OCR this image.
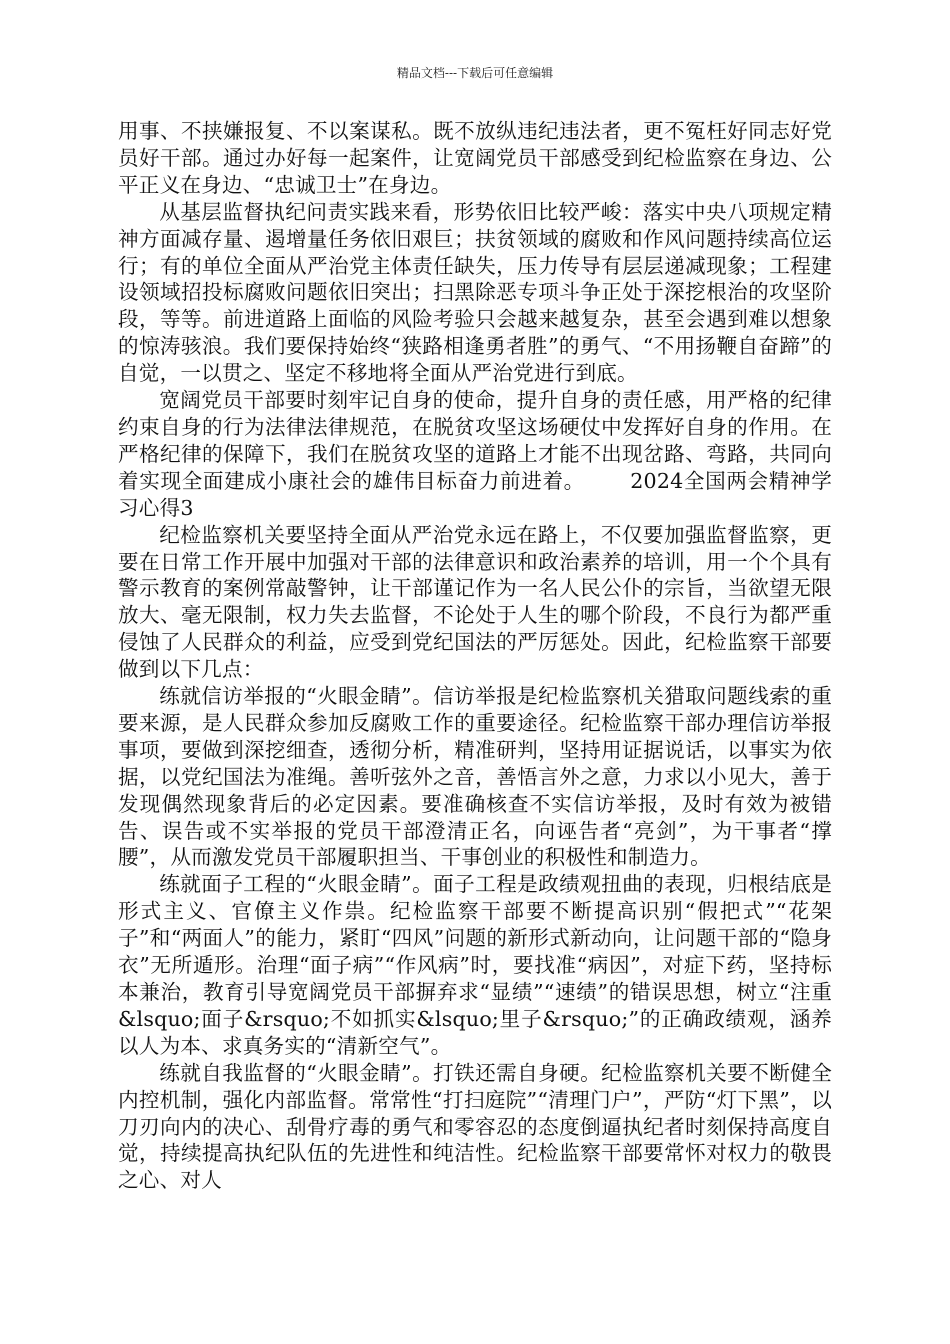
精品文档---下载后可任意编辑

用事、不挟嫌报复、不以案谋私。既不放纵违纪违法者，更不冤枉好同志好党员好干部。通过办好每一起案件，让宽阔党员干部感受到纪检监察在身边、公平正义在身边、“忠诚卫士”在身边。

从基层监督执纪问责实践来看，形势依旧比较严峻：落实中央八项规定精神方面减存量、遏增量任务依旧艰巨；扶贫领域的腐败和作风问题持续高位运行；有的单位全面从严治党主体责任缺失，压力传导有层层递减现象；工程建设领域招投标腐败问题依旧突出；扫黑除恶专项斗争正处于深挖根治的攻坚阶段，等等。前进道路上面临的风险考验只会越来越复杂，甚至会遇到难以想象的惊涛骇浪。我们要保持始终“狭路相逢勇者胜”的勇气、“不用扬鞭自奋蹄”的自觉，一以贯之、坚定不移地将全面从严治党进行到底。

宽阔党员干部要时刻牢记自身的使命，提升自身的责任感，用严格的纪律约束自身的行为法律法律规范，在脱贫攻坚这场硬仗中发挥好自身的作用。在严格纪律的保障下，我们在脱贫攻坚的道路上才能不出现岔路、弯路，共同向着实现全面建成小康社会的雄伟目标奋力前进着。 2024全国两会精神学习心得3

纪检监察机关要坚持全面从严治党永远在路上，不仅要加强监督监察，更要在日常工作开展中加强对干部的法律意识和政治素养的培训，用一个个具有警示教育的案例常敲警钟，让干部谨记作为一名人民公仆的宗旨，当欲望无限放大、毫无限制，权力失去监督，不论处于人生的哪个阶段，不良行为都严重侵蚀了人民群众的利益，应受到党纪国法的严厉惩处。因此，纪检监察干部要做到以下几点：

练就信访举报的“火眼金睛”。信访举报是纪检监察机关猎取问题线索的重要来源，是人民群众参加反腐败工作的重要途径。纪检监察干部办理信访举报事项，要做到深挖细查，透彻分析，精准研判，坚持用证据说话，以事实为依据，以党纪国法为准绳。善听弦外之音，善悟言外之意，力求以小见大，善于发现偶然现象背后的必定因素。要准确核查不实信访举报，及时有效为被错告、误告或不实举报的党员干部澄清正名，向诬告者“亮剑”，为干事者“撑腰”，从而激发党员干部履职担当、干事创业的积极性和制造力。

练就面子工程的“火眼金睛”。面子工程是政绩观扭曲的表现，归根结底是形式主义、官僚主义作祟。纪检监察干部要不断提高识别“假把式”“花架子”和“两面人”的能力，紧盯“四风”问题的新形式新动向，让问题干部的“隐身衣”无所遁形。治理“面子病”“作风病”时，要找准“病因”，对症下药，坚持标本兼治，教育引导宽阔党员干部摒弃求“显绩”“速绩”的错误思想，树立“注重&lsquo;面子&rsquo;不如抓实&lsquo;里子&rsquo;”的正确政绩观，涵养以人为本、求真务实的“清新空气”。

练就自我监督的“火眼金睛”。打铁还需自身硬。纪检监察机关要不断健全内控机制，强化内部监督。常常性“打扫庭院”“清理门户”，严防“灯下黑”，以刀刃向内的决心、刮骨疗毒的勇气和零容忍的态度倒逼执纪者时刻保持高度自觉，持续提高执纪队伍的先进性和纯洁性。纪检监察干部要常怀对权力的敬畏之心、对人
